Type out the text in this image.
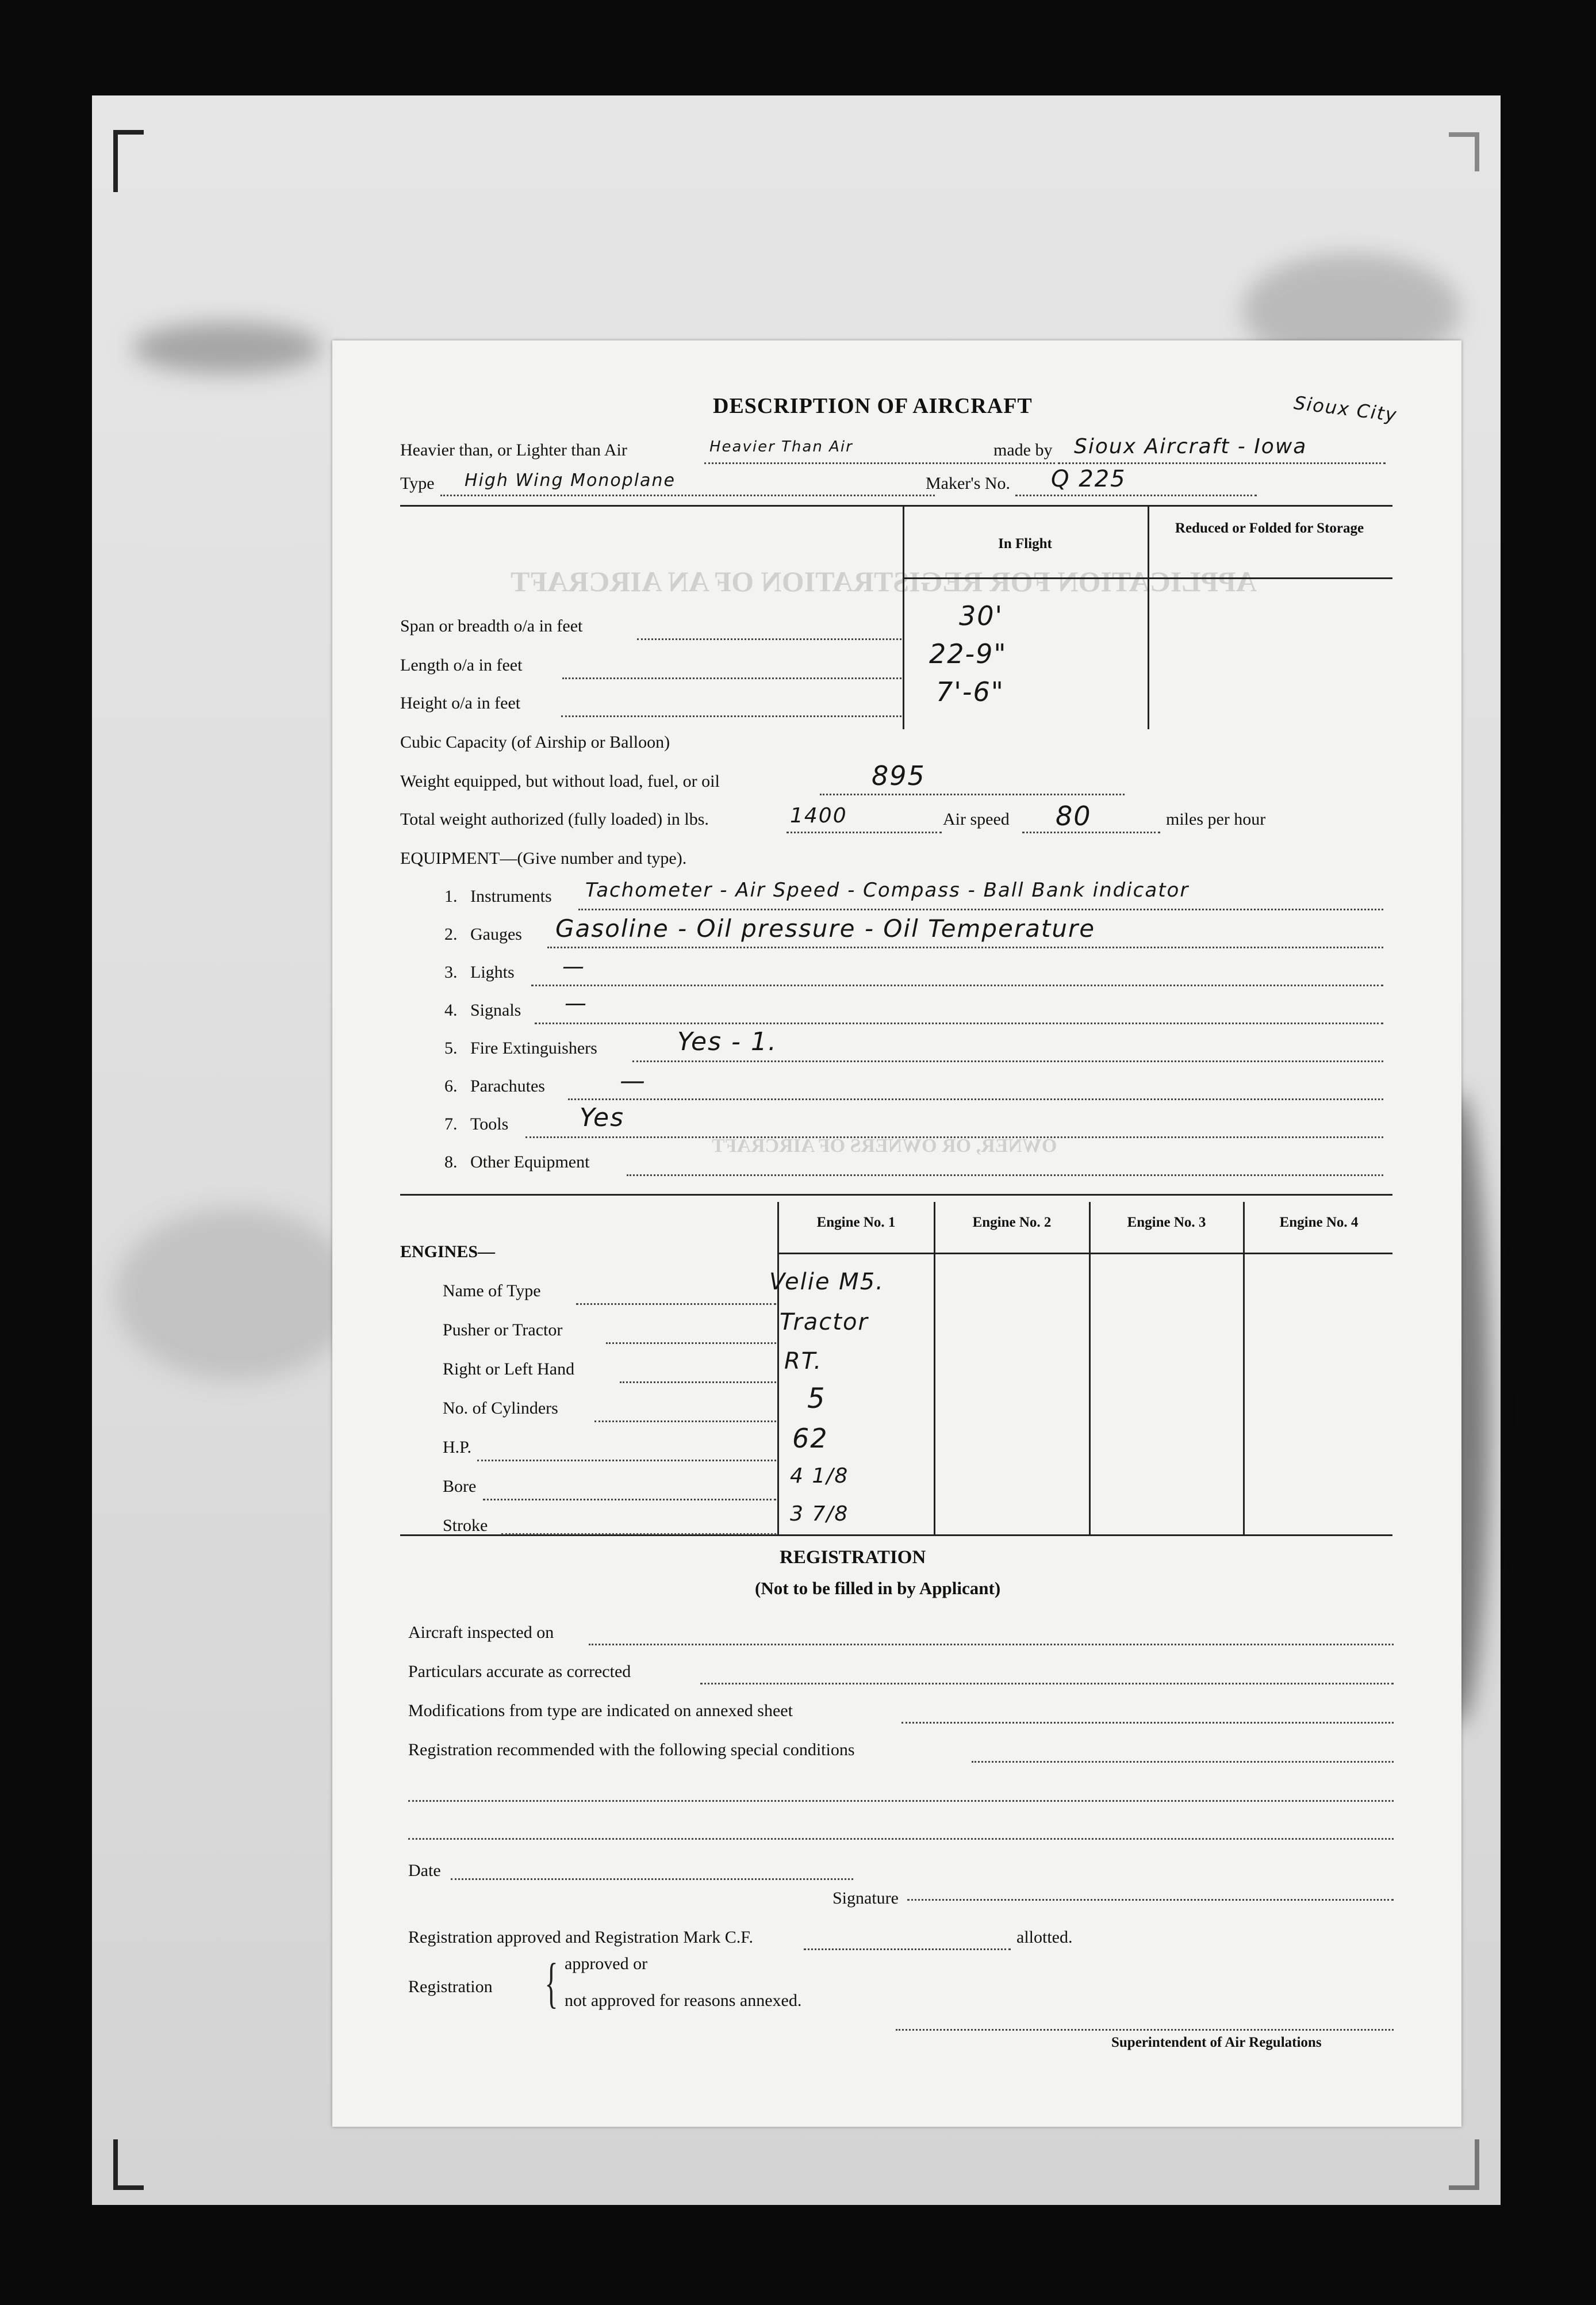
APPLICATION FOR REGISTRATION OF AN AIRCRAFT
OWNER, OR OWNERS OF AIRCRAFT
DESCRIPTION OF AIRCRAFT	Sioux City
Heavier than, or Lighter than Air	Heavier Than Air	made by Sioux Aircraft - Iowa
Type High Wing Monoplane	Maker's No. Q 225
In Flight
Reduced or Folded for Storage
Span or breadth o/a in feet	30'
Length o/a in feet	22-9"
Height o/a in feet	7'-6"
Cubic Capacity (of Airship or Balloon)
Weight equipped, but without load, fuel, or oil	895
Total weight authorized (fully loaded) in lbs.	1400	Air speed 80	miles per hour
EQUIPMENT—(Give number and type).
1. Instruments Tachometer - Air Speed - Compass - Ball Bank indicator
2. Gauges Gasoline - Oil pressure - Oil Temperature
3. Lights —
4. Signals —
5. Fire Extinguishers	Yes - 1.
6. Parachutes	—
7. Tools	Yes
8. Other Equipment
Engine No. 1	Engine No. 2	Engine No. 3	Engine No. 4
ENGINES—
Name of Type	Velie M5.
Pusher or Tractor	Tractor
Right or Left Hand	RT.
No. of Cylinders	5
H.P.	62
Bore	4 1/8
Stroke	3 7/8
REGISTRATION
(Not to be filled in by Applicant)
Aircraft inspected on
Particulars accurate as corrected
Modifications from type are indicated on annexed sheet
Registration recommended with the following special conditions
Date
Signature
Registration approved and Registration Mark C.F.	allotted.
Registration { approved or
not approved for reasons annexed.
Superintendent of Air Regulations
